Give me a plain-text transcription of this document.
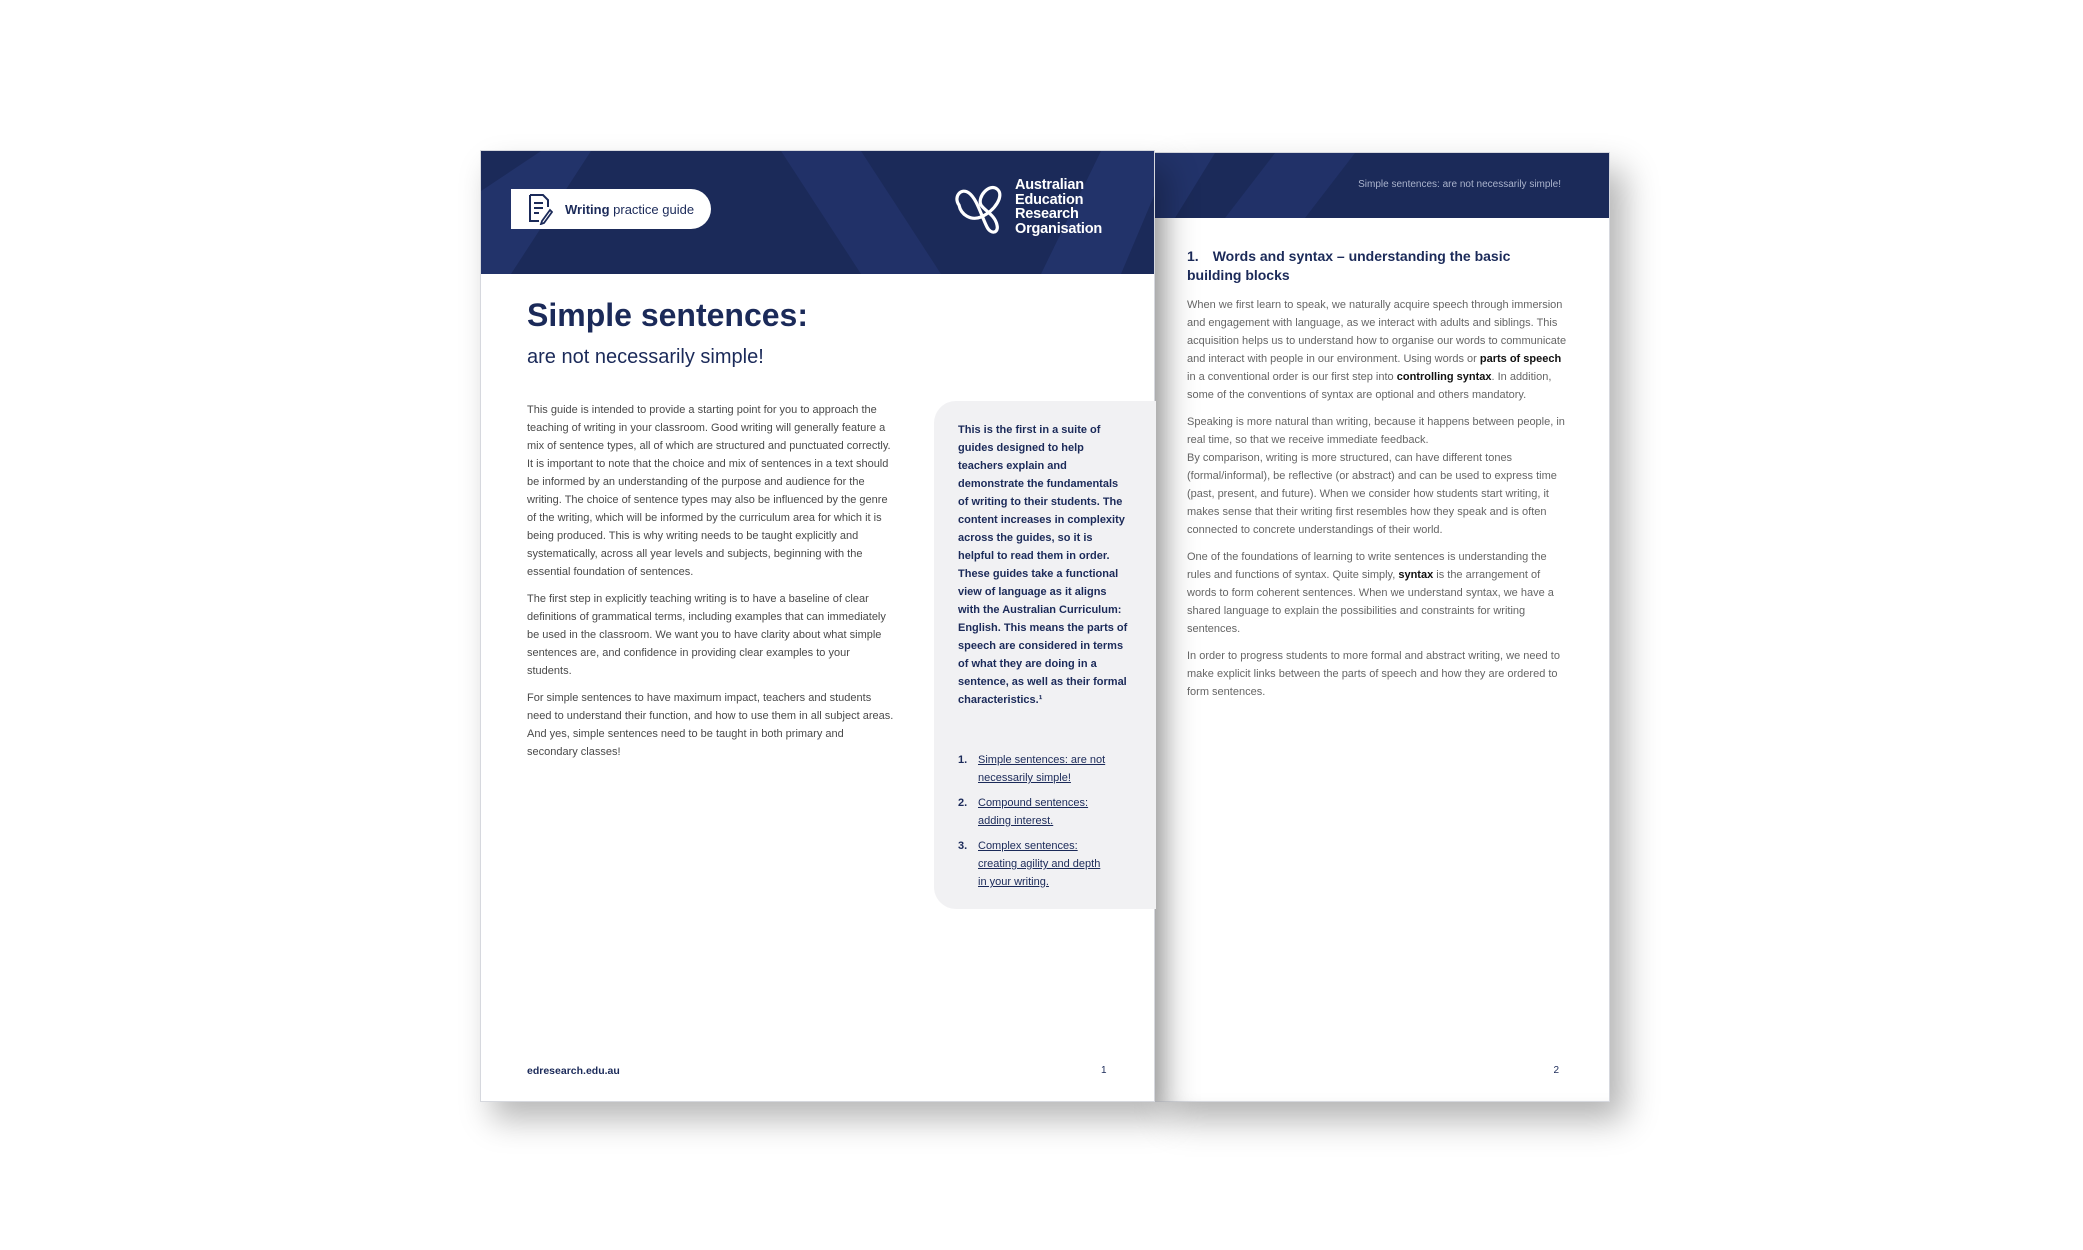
Simple sentences: are not necessarily simple!
1. Words and syntax – understanding the basic building blocks

When we first learn to speak, we naturally acquire speech through immersion and engagement with language, as we interact with adults and siblings. This acquisition helps us to understand how to organise our words to communicate and interact with people in our environment. Using words or parts of speech in a conventional order is our first step into controlling syntax. In addition, some of the conventions of syntax are optional and others mandatory.

Speaking is more natural than writing, because it happens between people, in real time, so that we receive immediate feedback.

By comparison, writing is more structured, can have different tones (formal/informal), be reflective (or abstract) and can be used to express time (past, present, and future). When we consider how students start writing, it makes sense that their writing first resembles how they speak and is often connected to concrete understandings of their world.

One of the foundations of learning to write sentences is understanding the rules and functions of syntax. Quite simply, syntax is the arrangement of words to form coherent sentences. When we understand syntax, we have a shared language to explain the possibilities and constraints for writing sentences.

In order to progress students to more formal and abstract writing, we need to make explicit links between the parts of speech and how they are ordered to form sentences.

2
Writing practice guide
Australian
Education
Research
Organisation
Simple sentences:

are not necessarily simple!

This guide is intended to provide a starting point for you to approach the teaching of writing in your classroom. Good writing will generally feature a mix of sentence types, all of which are structured and punctuated correctly. It is important to note that the choice and mix of sentences in a text should be informed by an understanding of the purpose and audience for the writing. The choice of sentence types may also be influenced by the genre of the writing, which will be informed by the curriculum area for which it is being produced. This is why writing needs to be taught explicitly and systematically, across all year levels and subjects, beginning with the essential foundation of sentences.

The first step in explicitly teaching writing is to have a baseline of clear definitions of grammatical terms, including examples that can immediately be used in the classroom. We want you to have clarity about what simple sentences are, and confidence in providing clear examples to your students.

For simple sentences to have maximum impact, teachers and students need to understand their function, and how to use them in all subject areas. And yes, simple sentences need to be taught in both primary and secondary classes!

This is the first in a suite of guides designed to help teachers explain and demonstrate the fundamentals of writing to their students. The content increases in complexity across the guides, so it is helpful to read them in order. These guides take a functional view of language as it aligns with the Australian Curriculum: English. This means the parts of speech are considered in terms of what they are doing in a sentence, as well as their formal characteristics.¹

1. Simple sentences: are not necessarily simple!
2. Compound sentences: adding interest.
3. Complex sentences: creating agility and depth in your writing.
edresearch.edu.au	1
